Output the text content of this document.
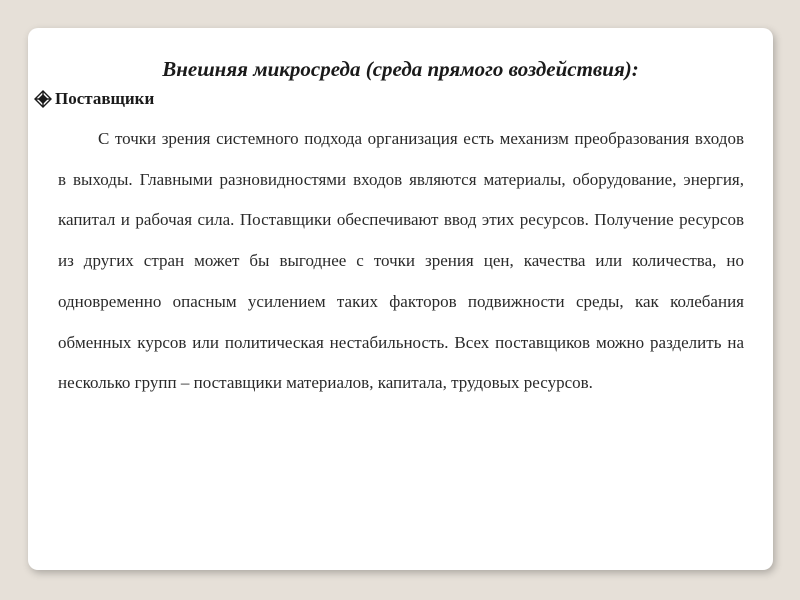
Внешняя микросреда (среда прямого воздействия):
Поставщики

С точки зрения системного подхода организация есть механизм преобразования входов в выходы. Главными разновидностями входов являются материалы, оборудование, энергия, капитал и рабочая сила. Поставщики обеспечивают ввод этих ресурсов. Получение ресурсов из других стран может бы выгоднее с точки зрения цен, качества или количества, но одновременно опасным усилением таких факторов подвижности среды, как колебания обменных курсов или политическая нестабильность. Всех поставщиков можно разделить на несколько групп – поставщики материалов, капитала, трудовых ресурсов.
